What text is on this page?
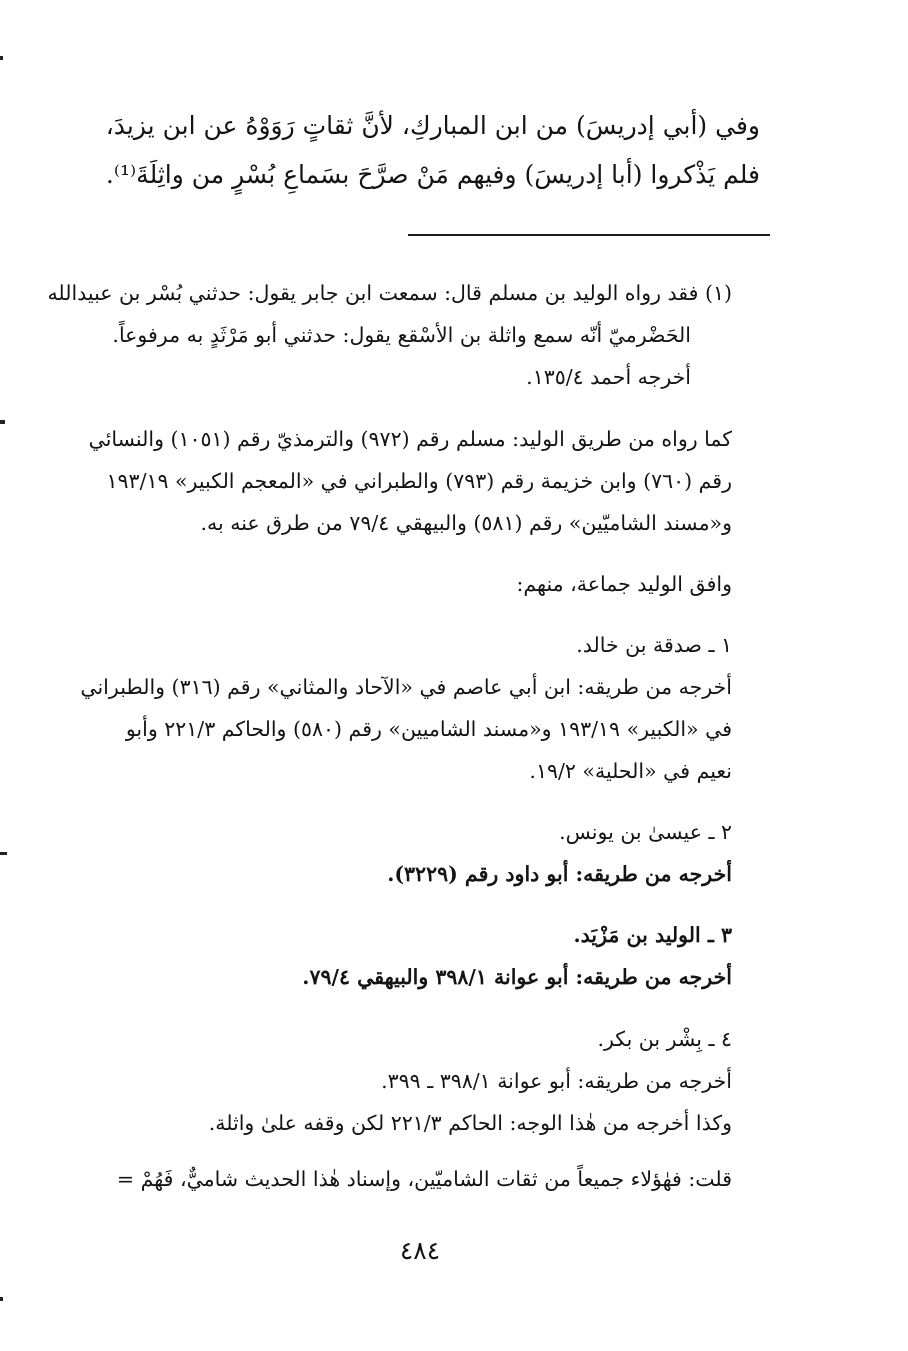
وفي (أبي إدريسَ) من ابن المباركِ، لأنَّ ثقاتٍ رَوَوْهُ عن ابن يزيدَ،
فلم يَذْكروا (أبا إدريسَ) وفيهم مَنْ صرَّحَ بسَماعِ بُسْرٍ من واثِلَةَ⁽¹⁾.
(١) فقد رواه الوليد بن مسلم قال: سمعت ابن جابر يقول: حدثني بُسْر بن عبيدالله
الحَضْرميّ أنّه سمع واثلة بن الأسْقع يقول: حدثني أبو مَرْثَدٍ به مرفوعاً.
أخرجه أحمد ١٣٥/٤.
كما رواه من طريق الوليد: مسلم رقم (٩٧٢) والترمذيّ رقم (١٠٥١) والنسائي
رقم (٧٦٠) وابن خزيمة رقم (٧٩٣) والطبراني في «المعجم الكبير» ١٩٣/١٩
و«مسند الشاميّين» رقم (٥٨١) والبيهقي ٧٩/٤ من طرق عنه به.
وافق الوليد جماعة، منهم:
١ ـ صدقة بن خالد.
أخرجه من طريقه: ابن أبي عاصم في «الآحاد والمثاني» رقم (٣١٦) والطبراني
في «الكبير» ١٩٣/١٩ و«مسند الشاميين» رقم (٥٨٠) والحاكم ٢٢١/٣ وأبو
نعيم في «الحلية» ١٩/٢.
٢ ـ عيسىٰ بن يونس.
أخرجه من طريقه: أبو داود رقم (٣٢٢٩).
٣ ـ الوليد بن مَزْيَد.
أخرجه من طريقه: أبو عوانة ٣٩٨/١ والبيهقي ٧٩/٤.
٤ ـ بِشْر بن بكر.
أخرجه من طريقه: أبو عوانة ٣٩٨/١ ـ ٣٩٩.
وكذا أخرجه من هٰذا الوجه: الحاكم ٢٢١/٣ لكن وقفه علىٰ واثلة.
قلت: فهٰؤلاء جميعاً من ثقات الشاميّين، وإسناد هٰذا الحديث شاميٌّ، فَهُمْ =
٤٨٤
